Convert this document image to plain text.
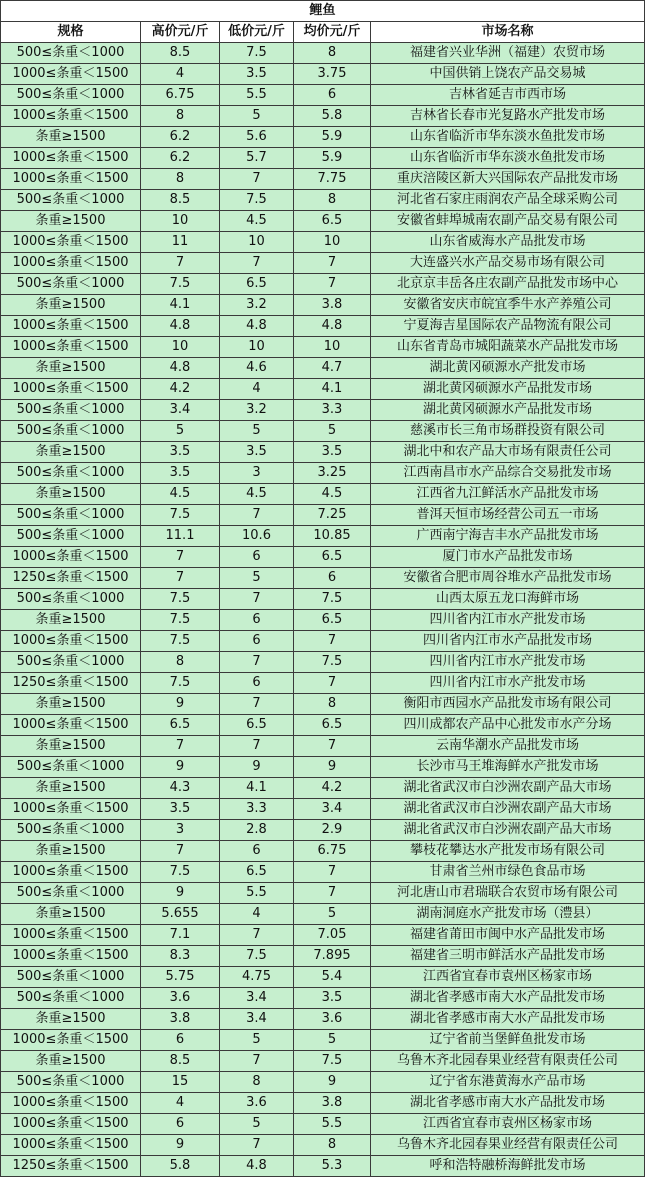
鲤鱼				
规格	高价元/斤	低价元/斤	均价元/斤	市场名称
500≤条重＜1000	8.5	7.5	8	福建省兴业华洲（福建）农贸市场
1000≤条重＜1500	4	3.5	3.75	中国供销上饶农产品交易城
500≤条重＜1000	6.75	5.5	6	吉林省延吉市西市场
1000≤条重＜1500	8	5	5.8	吉林省长春市光复路水产批发市场
条重≥1500	6.2	5.6	5.9	山东省临沂市华东淡水鱼批发市场
1000≤条重＜1500	6.2	5.7	5.9	山东省临沂市华东淡水鱼批发市场
1000≤条重＜1500	8	7	7.75	重庆涪陵区新大兴国际农产品批发市场
500≤条重＜1000	8.5	7.5	8	河北省石家庄雨润农产品全球采购公司
条重≥1500	10	4.5	6.5	安徽省蚌埠城南农副产品交易有限公司
1000≤条重＜1500	11	10	10	山东省威海水产品批发市场
1000≤条重＜1500	7	7	7	大连盛兴水产品交易市场有限公司
500≤条重＜1000	7.5	6.5	7	北京京丰岳各庄农副产品批发市场中心
条重≥1500	4.1	3.2	3.8	安徽省安庆市皖宜季牛水产养殖公司
1000≤条重＜1500	4.8	4.8	4.8	宁夏海吉星国际农产品物流有限公司
1000≤条重＜1500	10	10	10	山东省青岛市城阳蔬菜水产品批发市场
条重≥1500	4.8	4.6	4.7	湖北黄冈硕源水产批发市场
1000≤条重＜1500	4.2	4	4.1	湖北黄冈硕源水产品批发市场
500≤条重＜1000	3.4	3.2	3.3	湖北黄冈硕源水产品批发市场
500≤条重＜1000	5	5	5	慈溪市长三角市场群投资有限公司
条重≥1500	3.5	3.5	3.5	湖北中和农产品大市场有限责任公司
500≤条重＜1000	3.5	3	3.25	江西南昌市水产品综合交易批发市场
条重≥1500	4.5	4.5	4.5	江西省九江鲜活水产品批发市场
500≤条重＜1000	7.5	7	7.25	普洱天恒市场经营公司五一市场
500≤条重＜1000	11.1	10.6	10.85	广西南宁海吉丰水产品批发市场
1000≤条重＜1500	7	6	6.5	厦门市水产品批发市场
1250≤条重＜1500	7	5	6	安徽省合肥市周谷堆水产品批发市场
500≤条重＜1000	7.5	7	7.5	山西太原五龙口海鲜市场
条重≥1500	7.5	6	6.5	四川省内江市水产批发市场
1000≤条重＜1500	7.5	6	7	四川省内江市水产品批发市场
500≤条重＜1000	8	7	7.5	四川省内江市水产批发市场
1250≤条重＜1500	7.5	6	7	四川省内江市水产批发市场
条重≥1500	9	7	8	衡阳市西园水产品批发市场有限公司
1000≤条重＜1500	6.5	6.5	6.5	四川成都农产品中心批发市水产分场
条重≥1500	7	7	7	云南华潮水产品批发市场
500≤条重＜1000	9	9	9	长沙市马王堆海鲜水产批发市场
条重≥1500	4.3	4.1	4.2	湖北省武汉市白沙洲农副产品大市场
1000≤条重＜1500	3.5	3.3	3.4	湖北省武汉市白沙洲农副产品大市场
500≤条重＜1000	3	2.8	2.9	湖北省武汉市白沙洲农副产品大市场
条重≥1500	7	6	6.75	攀枝花攀达水产批发市场有限公司
1000≤条重＜1500	7.5	6.5	7	甘肃省兰州市绿色食品市场
500≤条重＜1000	9	5.5	7	河北唐山市君瑞联合农贸市场有限公司
条重≥1500	5.655	4	5	湖南洞庭水产批发市场（澧县）
1000≤条重＜1500	7.1	7	7.05	福建省莆田市闽中水产品批发市场
1000≤条重＜1500	8.3	7.5	7.895	福建省三明市鲜活水产品批发市场
500≤条重＜1000	5.75	4.75	5.4	江西省宜春市袁州区杨家市场
500≤条重＜1000	3.6	3.4	3.5	湖北省孝感市南大水产品批发市场
条重≥1500	3.8	3.4	3.6	湖北省孝感市南大水产品批发市场
1000≤条重＜1500	6	5	5	辽宁省前当堡鲜鱼批发市场
条重≥1500	8.5	7	7.5	乌鲁木齐北园春果业经营有限责任公司
500≤条重＜1000	15	8	9	辽宁省东港黄海水产品市场
1000≤条重＜1500	4	3.6	3.8	湖北省孝感市南大水产品批发市场
1000≤条重＜1500	6	5	5.5	江西省宜春市袁州区杨家市场
1000≤条重＜1500	9	7	8	乌鲁木齐北园春果业经营有限责任公司
1250≤条重＜1500	5.8	4.8	5.3	呼和浩特融桥海鲜批发市场
